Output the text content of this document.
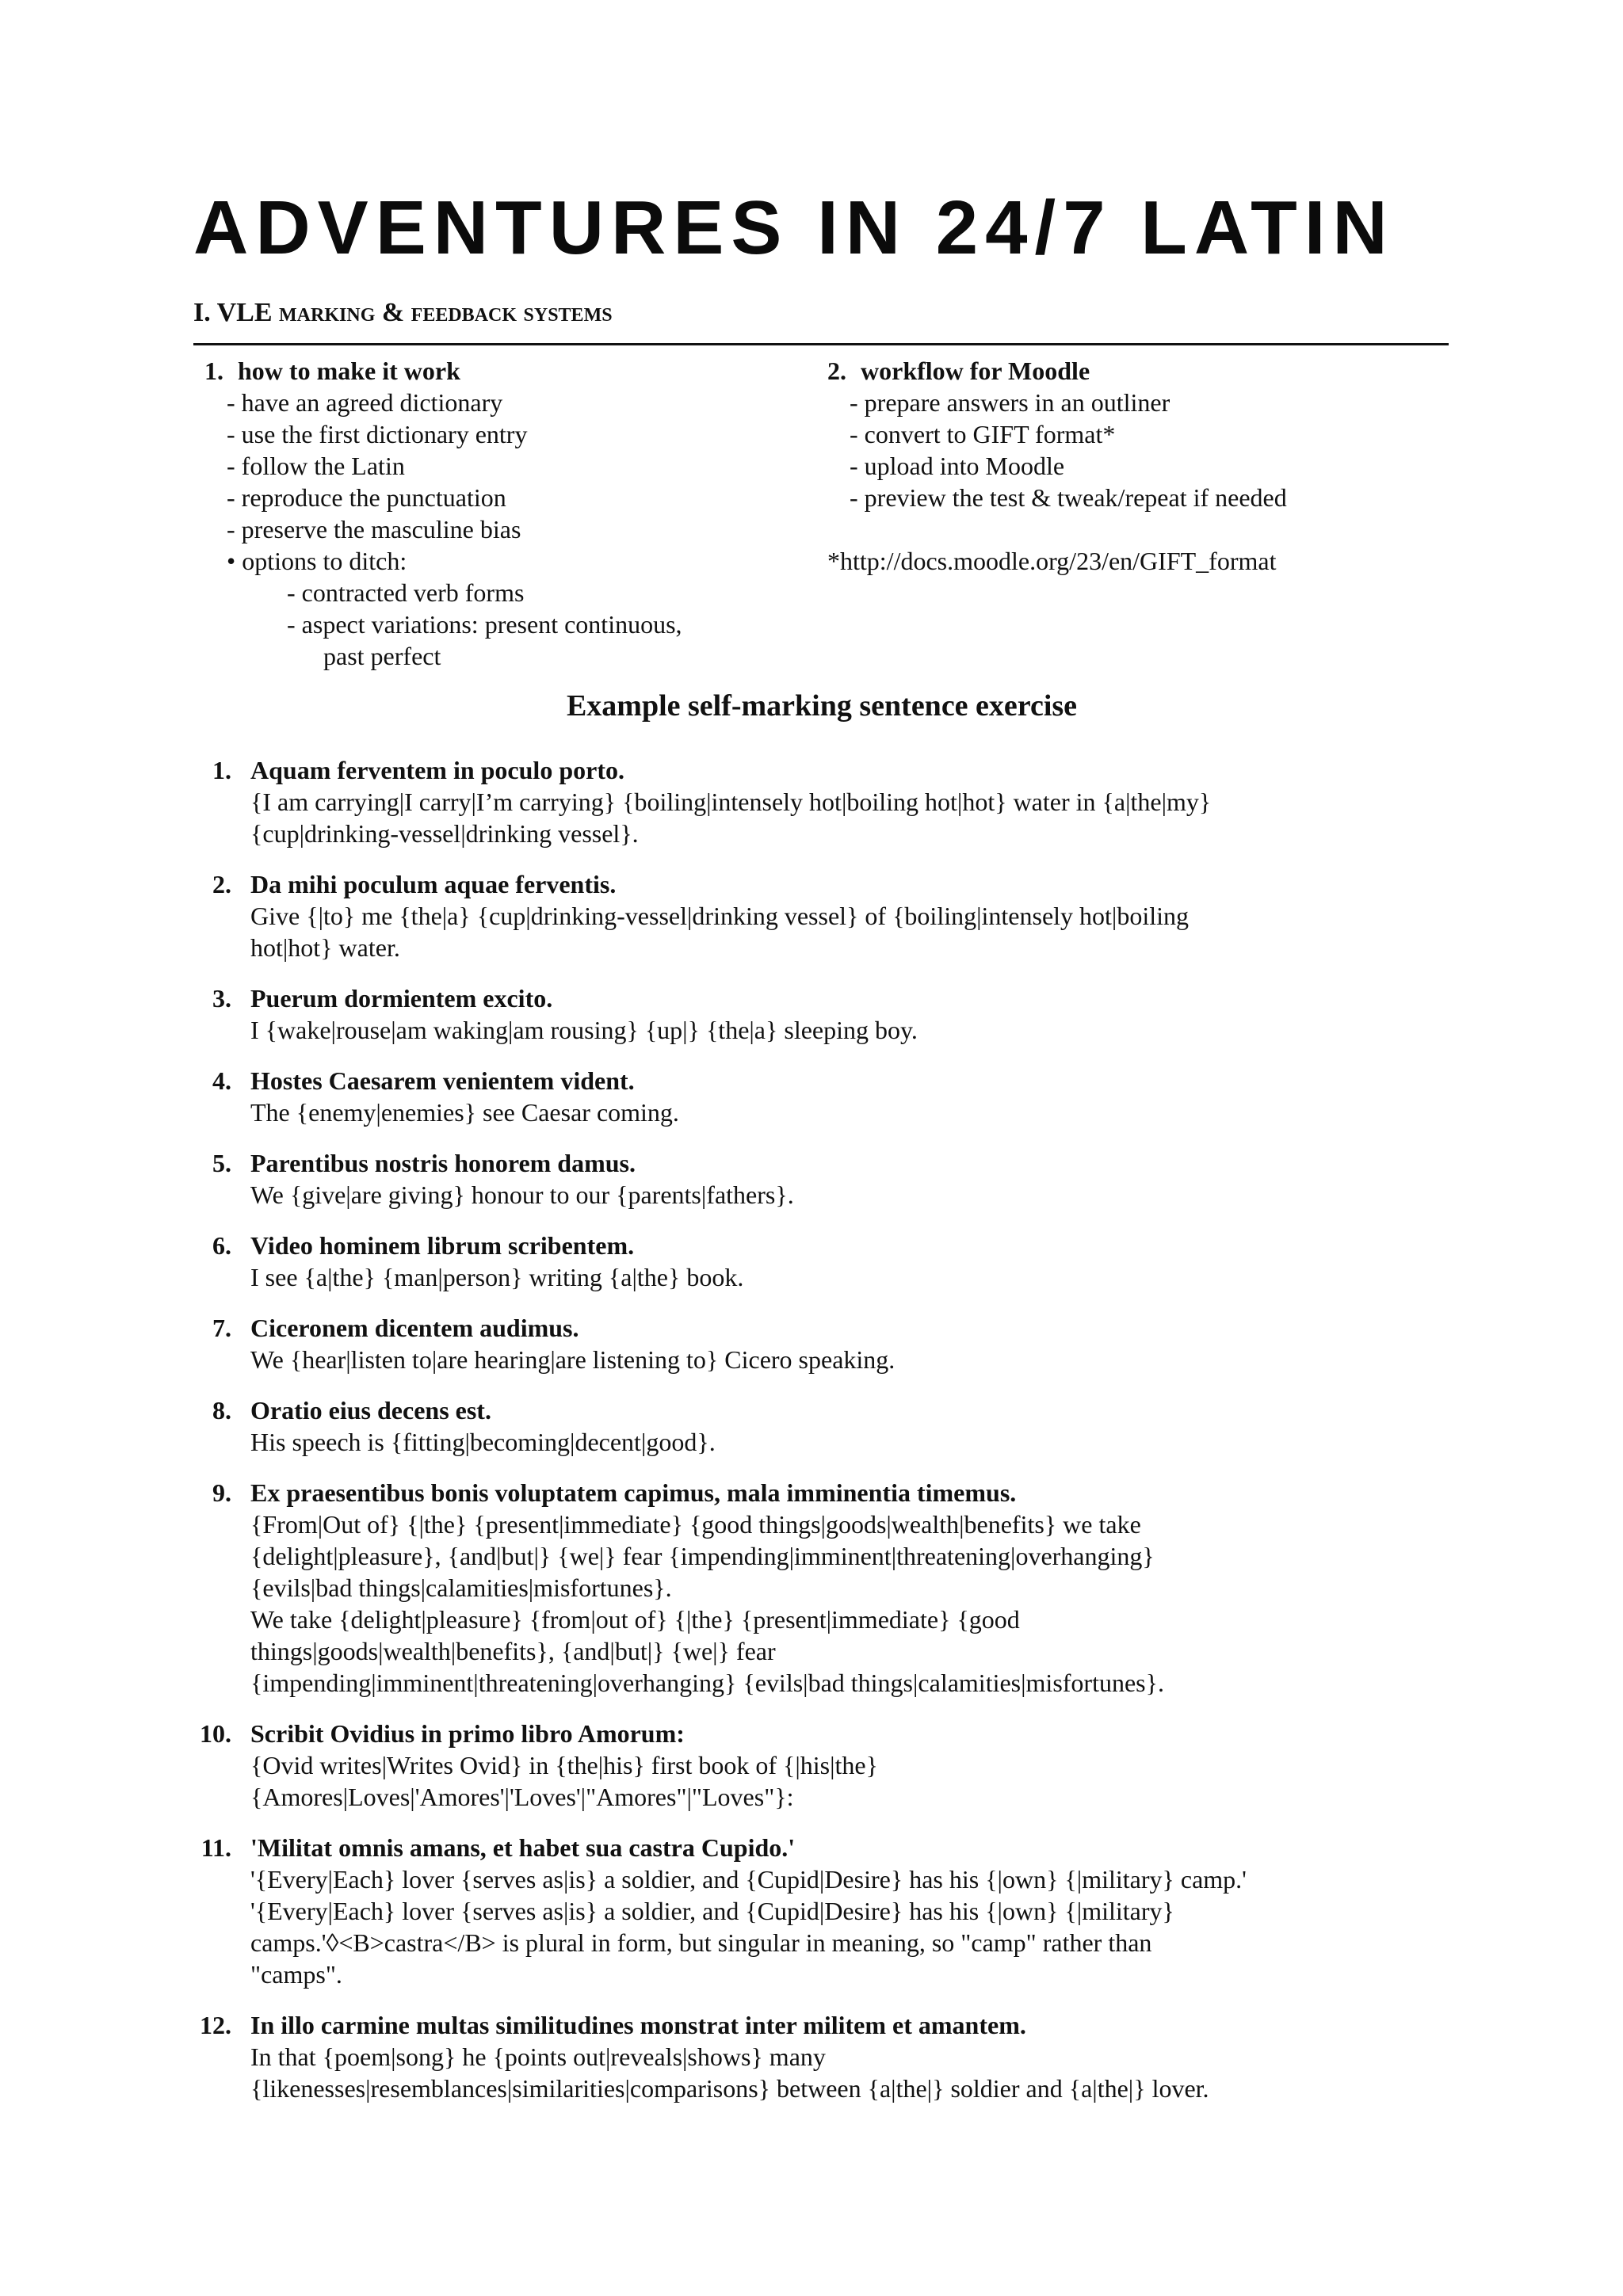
ADVENTURES IN 24/7 LATIN
I. VLE marking & feedback systems
1. how to make it work
- have an agreed dictionary
- use the first dictionary entry
- follow the Latin
- reproduce the punctuation
- preserve the masculine bias
• options to ditch:
- contracted verb forms
- aspect variations: present continuous,
past perfect
2. workflow for Moodle
- prepare answers in an outliner
- convert to GIFT format*
- upload into Moodle
- preview the test & tweak/repeat if needed
*http://docs.moodle.org/23/en/GIFT_format
Example self-marking sentence exercise
1. Aquam ferventem in poculo porto.
{I am carrying|I carry|I’m carrying} {boiling|intensely hot|boiling hot|hot} water in {a|the|my}
{cup|drinking-vessel|drinking vessel}.
2. Da mihi poculum aquae ferventis.
Give {|to} me {the|a} {cup|drinking-vessel|drinking vessel} of {boiling|intensely hot|boiling
hot|hot} water.
3. Puerum dormientem excito.
I {wake|rouse|am waking|am rousing} {up|} {the|a} sleeping boy.
4. Hostes Caesarem venientem vident.
The {enemy|enemies} see Caesar coming.
5. Parentibus nostris honorem damus.
We {give|are giving} honour to our {parents|fathers}.
6. Video hominem librum scribentem.
I see {a|the} {man|person} writing {a|the} book.
7. Ciceronem dicentem audimus.
We {hear|listen to|are hearing|are listening to} Cicero speaking.
8. Oratio eius decens est.
His speech is {fitting|becoming|decent|good}.
9. Ex praesentibus bonis voluptatem capimus, mala imminentia timemus.
{From|Out of} {|the} {present|immediate} {good things|goods|wealth|benefits} we take
{delight|pleasure}, {and|but|} {we|} fear {impending|imminent|threatening|overhanging}
{evils|bad things|calamities|misfortunes}.
We take {delight|pleasure} {from|out of} {|the} {present|immediate} {good
things|goods|wealth|benefits}, {and|but|} {we|} fear
{impending|imminent|threatening|overhanging} {evils|bad things|calamities|misfortunes}.
10. Scribit Ovidius in primo libro Amorum:
{Ovid writes|Writes Ovid} in {the|his} first book of {|his|the}
{Amores|Loves|'Amores'|'Loves'|"Amores"|"Loves"}:
11. 'Militat omnis amans, et habet sua castra Cupido.'
'{Every|Each} lover {serves as|is} a soldier, and {Cupid|Desire} has his {|own} {|military} camp.'
'{Every|Each} lover {serves as|is} a soldier, and {Cupid|Desire} has his {|own} {|military}
camps.'◊<B>castra</B> is plural in form, but singular in meaning, so "camp" rather than
"camps".
12. In illo carmine multas similitudines monstrat inter militem et amantem.
In that {poem|song} he {points out|reveals|shows} many
{likenesses|resemblances|similarities|comparisons} between {a|the|} soldier and {a|the|} lover.
